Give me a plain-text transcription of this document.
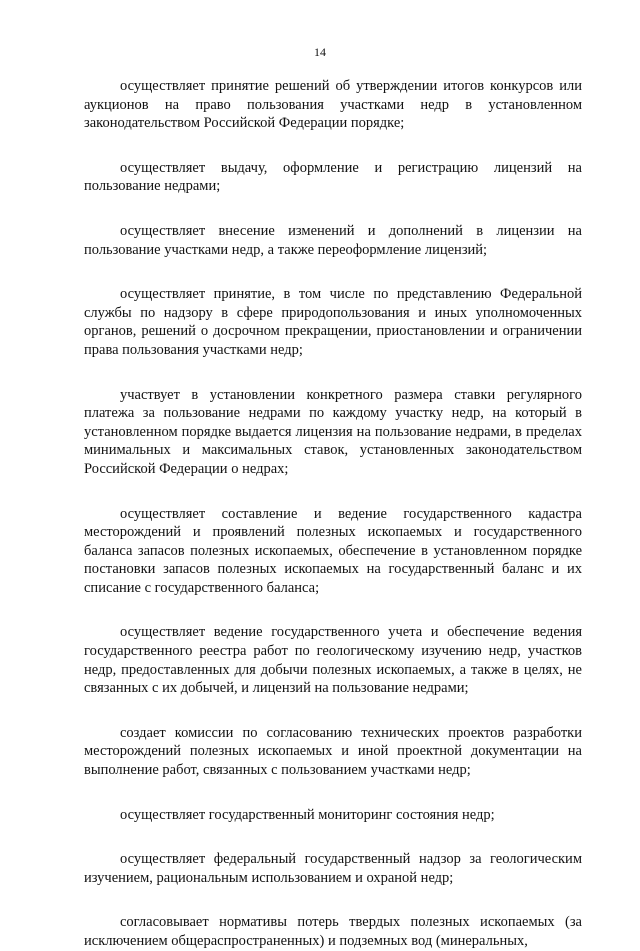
14

осуществляет принятие решений об утверждении итогов конкурсов или аукционов на право пользования участками недр в установленном законодательством Российской Федерации порядке;

осуществляет выдачу, оформление и регистрацию лицензий на пользование недрами;

осуществляет внесение изменений и дополнений в лицензии на пользование участками недр, а также переоформление лицензий;

осуществляет принятие, в том числе по представлению Федеральной службы по надзору в сфере природопользования и иных уполномоченных органов, решений о досрочном прекращении, приостановлении и ограничении права пользования участками недр;

участвует в установлении конкретного размера ставки регулярного платежа за пользование недрами по каждому участку недр, на который в установленном порядке выдается лицензия на пользование недрами, в пределах минимальных и максимальных ставок, установленных законодательством Российской Федерации о недрах;

осуществляет составление и ведение государственного кадастра месторождений и проявлений полезных ископаемых и государственного баланса запасов полезных ископаемых, обеспечение в установленном порядке постановки запасов полезных ископаемых на государственный баланс и их списание с государственного баланса;

осуществляет ведение государственного учета и обеспечение ведения государственного реестра работ по геологическому изучению недр, участков недр, предоставленных для добычи полезных ископаемых, а также в целях, не связанных с их добычей, и лицензий на пользование недрами;

создает комиссии по согласованию технических проектов разработки месторождений полезных ископаемых и иной проектной документации на выполнение работ, связанных с пользованием участками недр;

осуществляет государственный мониторинг состояния недр;

осуществляет федеральный государственный надзор за геологическим изучением, рациональным использованием и охраной недр;

согласовывает нормативы потерь твердых полезных ископаемых (за исключением общераспространенных) и подземных вод (минеральных,
